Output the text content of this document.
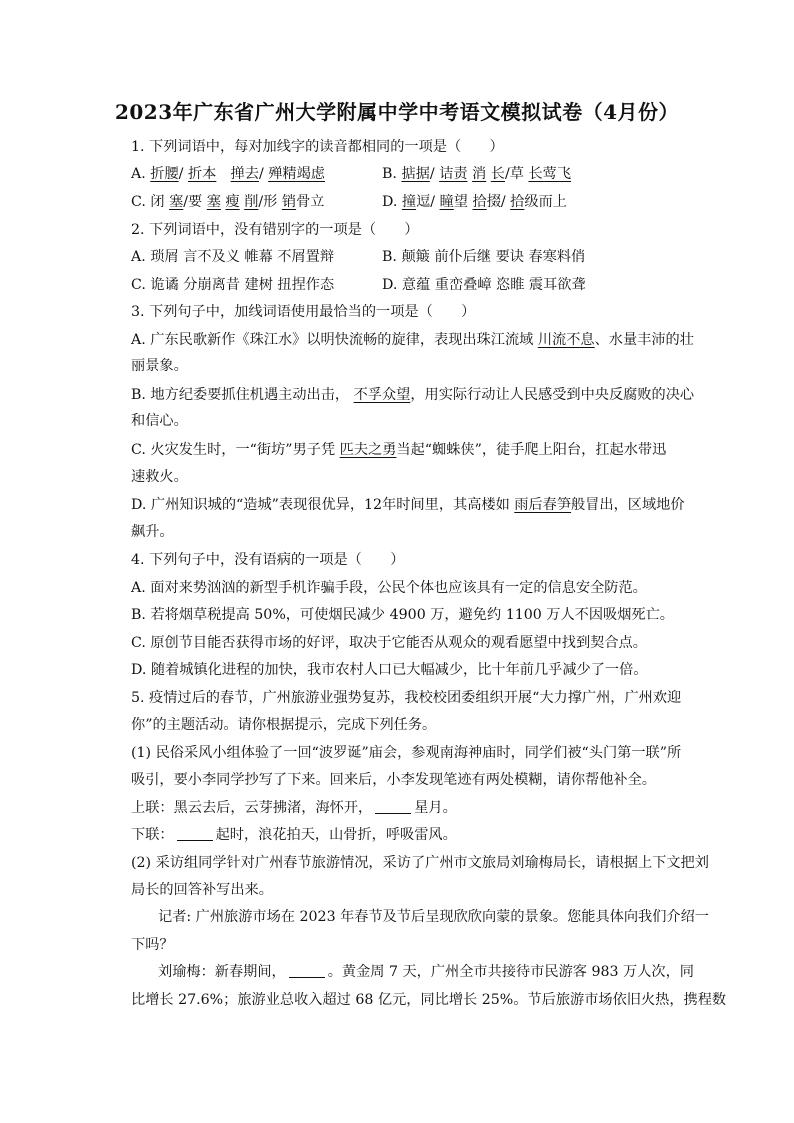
2023年广东省广州大学附属中学中考语文模拟试卷（4月份）
1. 下列词语中，每对加线字的读音都相同的一项是（　　）
A. 折腰/ 折本　 掸去/ 殚精竭虑	B. 掂据/ 诘责 消 长/草 长莺飞
C. 闭 塞/要 塞 瘦 削/形 销骨立	D. 撞逗/ 瞳望 拾掇/ 拾级而上
2. 下列词语中，没有错别字的一项是（　　）
A. 琐屑 言不及义 帷幕 不屑置辩	B. 颠簸 前仆后继 要诀 春寒料俏
C. 诡谲 分崩离昔 建树 扭捏作态	D. 意蕴 重峦叠嶂 恣睢 震耳欲聋
3. 下列句子中，加线词语使用最恰当的一项是（　　）
A. 广东民歌新作《珠江水》以明快流畅的旋律，表现出珠江流域 川流不息、水量丰沛的壮
丽景象。
B. 地方纪委要抓住机遇主动出击， 不孚众望，用实际行动让人民感受到中央反腐败的决心
和信心。
C. 火灾发生时，一“街坊”男子凭 匹夫之勇当起“蜘蛛侠”，徒手爬上阳台，扛起水带迅
速救火。
D. 广州知识城的“造城”表现很优异，12年时间里，其高楼如 雨后春笋般冒出，区域地价
飙升。
4. 下列句子中，没有语病的一项是（　　）
A. 面对来势汹汹的新型手机诈骗手段，公民个体也应该具有一定的信息安全防范。
B. 若将烟草税提高 50%，可使烟民减少 4900 万，避免约 1100 万人不因吸烟死亡。
C. 原创节目能否获得市场的好评，取决于它能否从观众的观看愿望中找到契合点。
D. 随着城镇化进程的加快，我市农村人口已大幅减少，比十年前几乎减少了一倍。
5. 疫情过后的春节，广州旅游业强势复苏，我校校团委组织开展“大力撑广州，广州欢迎
你”的主题活动。请你根据提示，完成下列任务。
(1) 民俗采风小组体验了一回“波罗诞”庙会，参观南海神庙时，同学们被“头门第一联”所
吸引，要小李同学抄写了下来。回来后，小李发现笔迹有两处模糊，请你帮他补全。
上联：黑云去后，云芽拂渚，海怀开，	星月。
下联：	起时，浪花拍天，山骨折，呼吸雷风。
(2) 采访组同学针对广州春节旅游情况，采访了广州市文旅局刘瑜梅局长，请根据上下文把刘
局长的回答补写出来。
记者: 广州旅游市场在 2023 年春节及节后呈现欣欣向蒙的景象。您能具体向我们介绍一
下吗？
刘瑜梅：新春期间，	。黄金周 7 天，广州全市共接待市民游客 983 万人次，同
比增长 27.6%；旅游业总收入超过 68 亿元，同比增长 25%。节后旅游市场依旧火热，携程数
